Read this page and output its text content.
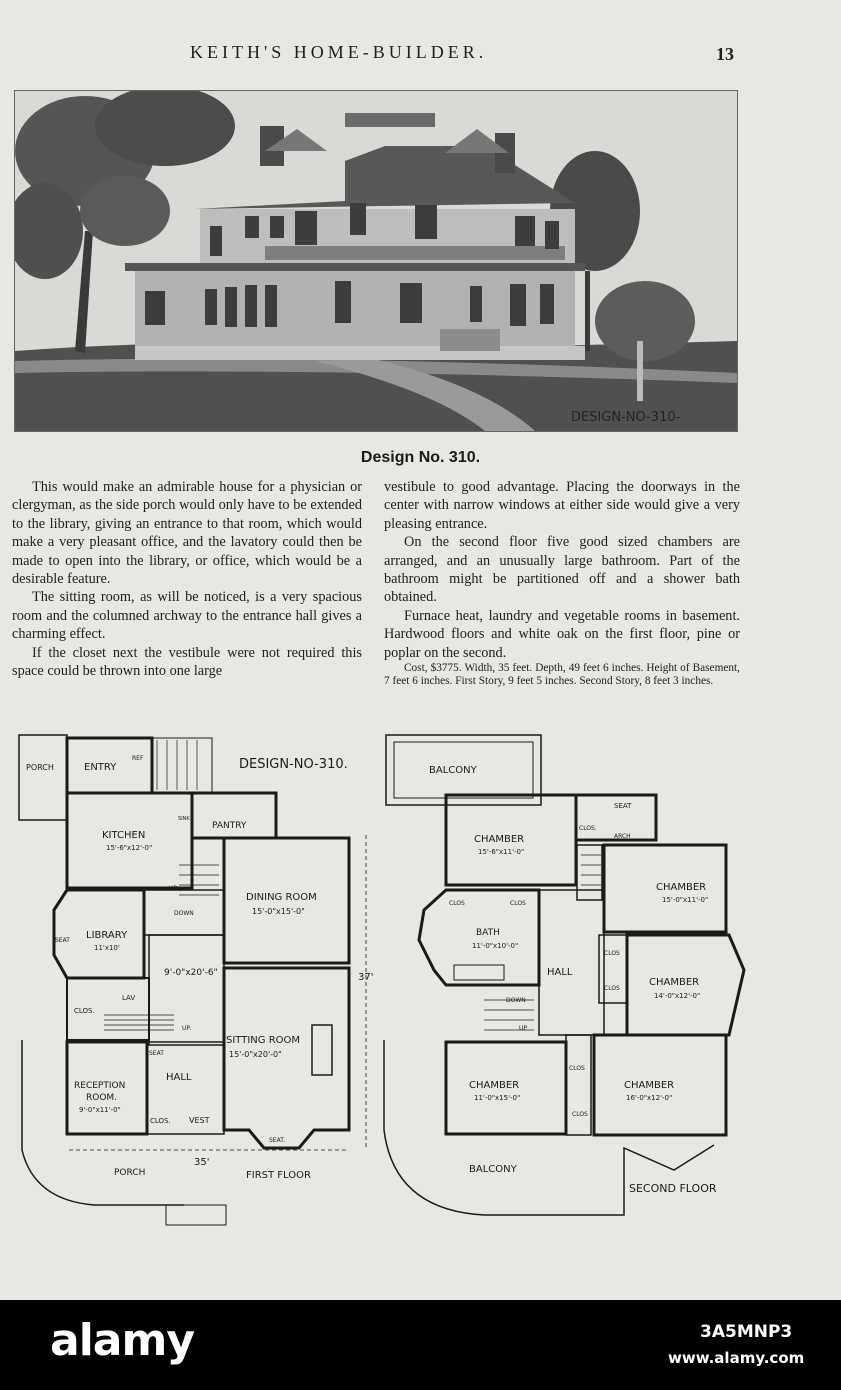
KEITH'S HOME-BUILDER.	13
DESIGN-NO-310-
Design No. 310.

This would make an admirable house for a physician or clergyman, as the side porch would only have to be extended to the library, giving an entrance to that room, which would make a very pleasant office, and the lavatory could then be made to open into the library, or office, which would be a desirable feature.

The sitting room, as will be noticed, is a very spacious room and the columned archway to the entrance hall gives a charming effect.

If the closet next the vestibule were not required this space could be thrown into one large

vestibule to good advantage. Placing the doorways in the center with narrow windows at either side would give a very pleasing entrance.

On the second floor five good sized chambers are arranged, and an unusually large bathroom. Part of the bathroom might be partitioned off and a shower bath obtained.

Furnace heat, laundry and vegetable rooms in basement. Hardwood floors and white oak on the first floor, pine or poplar on the second.

Cost, $3775. Width, 35 feet. Depth, 49 feet 6 inches. Height of Basement, 7 feet 6 inches. First Story, 9 feet 5 inches. Second Story, 8 feet 3 inches.

DESIGN-NO-310.
PORCH	ENTRY
REF
KITCHEN
15'-6"x12'-0"
PANTRY
SINK
LIBRARY
11'x10'
SEAT
DINING ROOM
15'-0"x15'-0"
9'-0"x20'-6"
DOWN
UP
CLOS.
LAV
UP.
SITTING ROOM
15'-0"x20'-0"
RECEPTION
ROOM.
9'-0"x11'-0"
SEAT
HALL
CLOS. VEST
SEAT.
PORCH
35'
37'
FIRST FLOOR
BALCONY
CHAMBER
15'-6"x11'-0"
CLOS.
SEAT
ARCH
CHAMBER
15'-0"x11'-0"
CLOS	CLOS
BATH
11'-0"x10'-0"
HALL
CLOS
CLOS
CHAMBER
14'-0"x12'-0"
DOWN
UP
CHAMBER
11'-0"x15'-0"
CLOS
CHAMBER
16'-0"x12'-0"
CLOS
BALCONY
SECOND FLOOR
alamy	3A5MNP3
www.alamy.com
